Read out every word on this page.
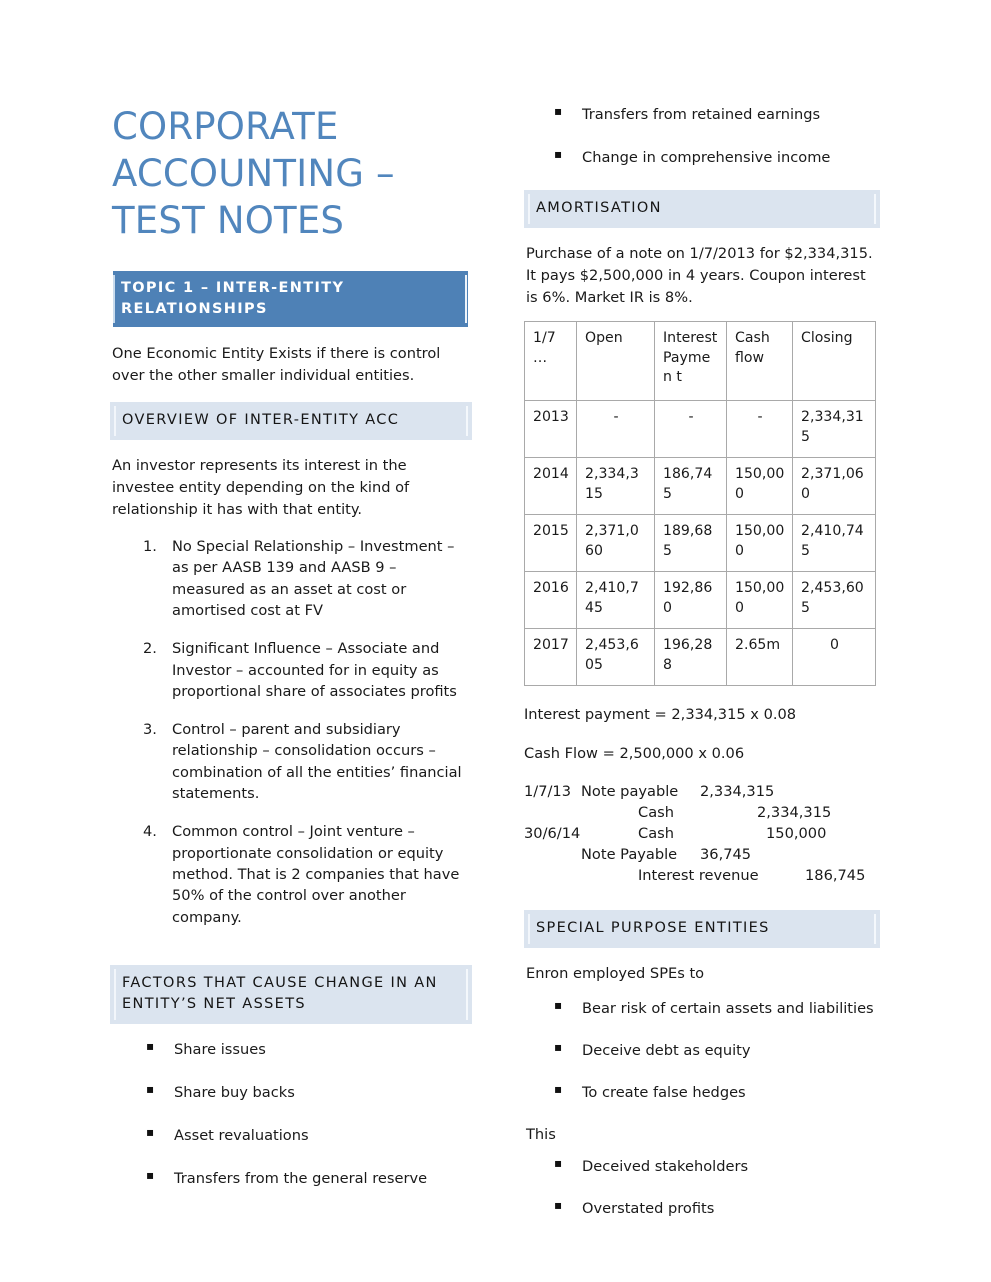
CORPORATE ACCOUNTING – TEST NOTES
TOPIC 1 – INTER-ENTITY RELATIONSHIPS

One Economic Entity Exists if there is control over the other smaller individual entities.

OVERVIEW OF INTER-ENTITY ACC

An investor represents its interest in the investee entity depending on the kind of relationship it has with that entity.

No Special Relationship – Investment – as per AASB 139 and AASB 9 – measured as an asset at cost or amortised cost at FV
Significant Influence – Associate and Investor – accounted for in equity as proportional share of associates profits
Control – parent and subsidiary relationship – consolidation occurs – combination of all the entities’ financial statements.
Common control – Joint venture – proportionate consolidation or equity method. That is 2 companies that have 50% of the control over another company.
FACTORS THAT CAUSE CHANGE IN AN ENTITY’S NET ASSETS
▪ Share issues
▪ Share buy backs
▪ Asset revaluations
▪ Transfers from the general reserve
▪ Transfers from retained earnings
▪ Change in comprehensive income
AMORTISATION

Purchase of a note on 1/7/2013 for $2,334,315. It pays $2,500,000 in 4 years. Coupon interest is 6%. Market IR is 8%.

1/7…	Open	Interest Paymen t	Cash flow	Closing
2013	-	-	-	2,334,315
2014	2,334,315	186,745	150,000	2,371,060
2015	2,371,060	189,685	150,000	2,410,745
2016	2,410,745	192,860	150,000	2,453,605
2017	2,453,605	196,288	2.65m	0

Interest payment = 2,334,315 x 0.08

Cash Flow = 2,500,000 x 0.06

1/7/13 Note payable 2,334,315
Cash	2,334,315
30/6/14	Cash	150,000
Note Payable 36,745
Interest revenue	186,745
SPECIAL PURPOSE ENTITIES

Enron employed SPEs to

▪ Bear risk of certain assets and liabilities
▪ Deceive debt as equity
▪ To create false hedges

This

▪ Deceived stakeholders
▪ Overstated profits
